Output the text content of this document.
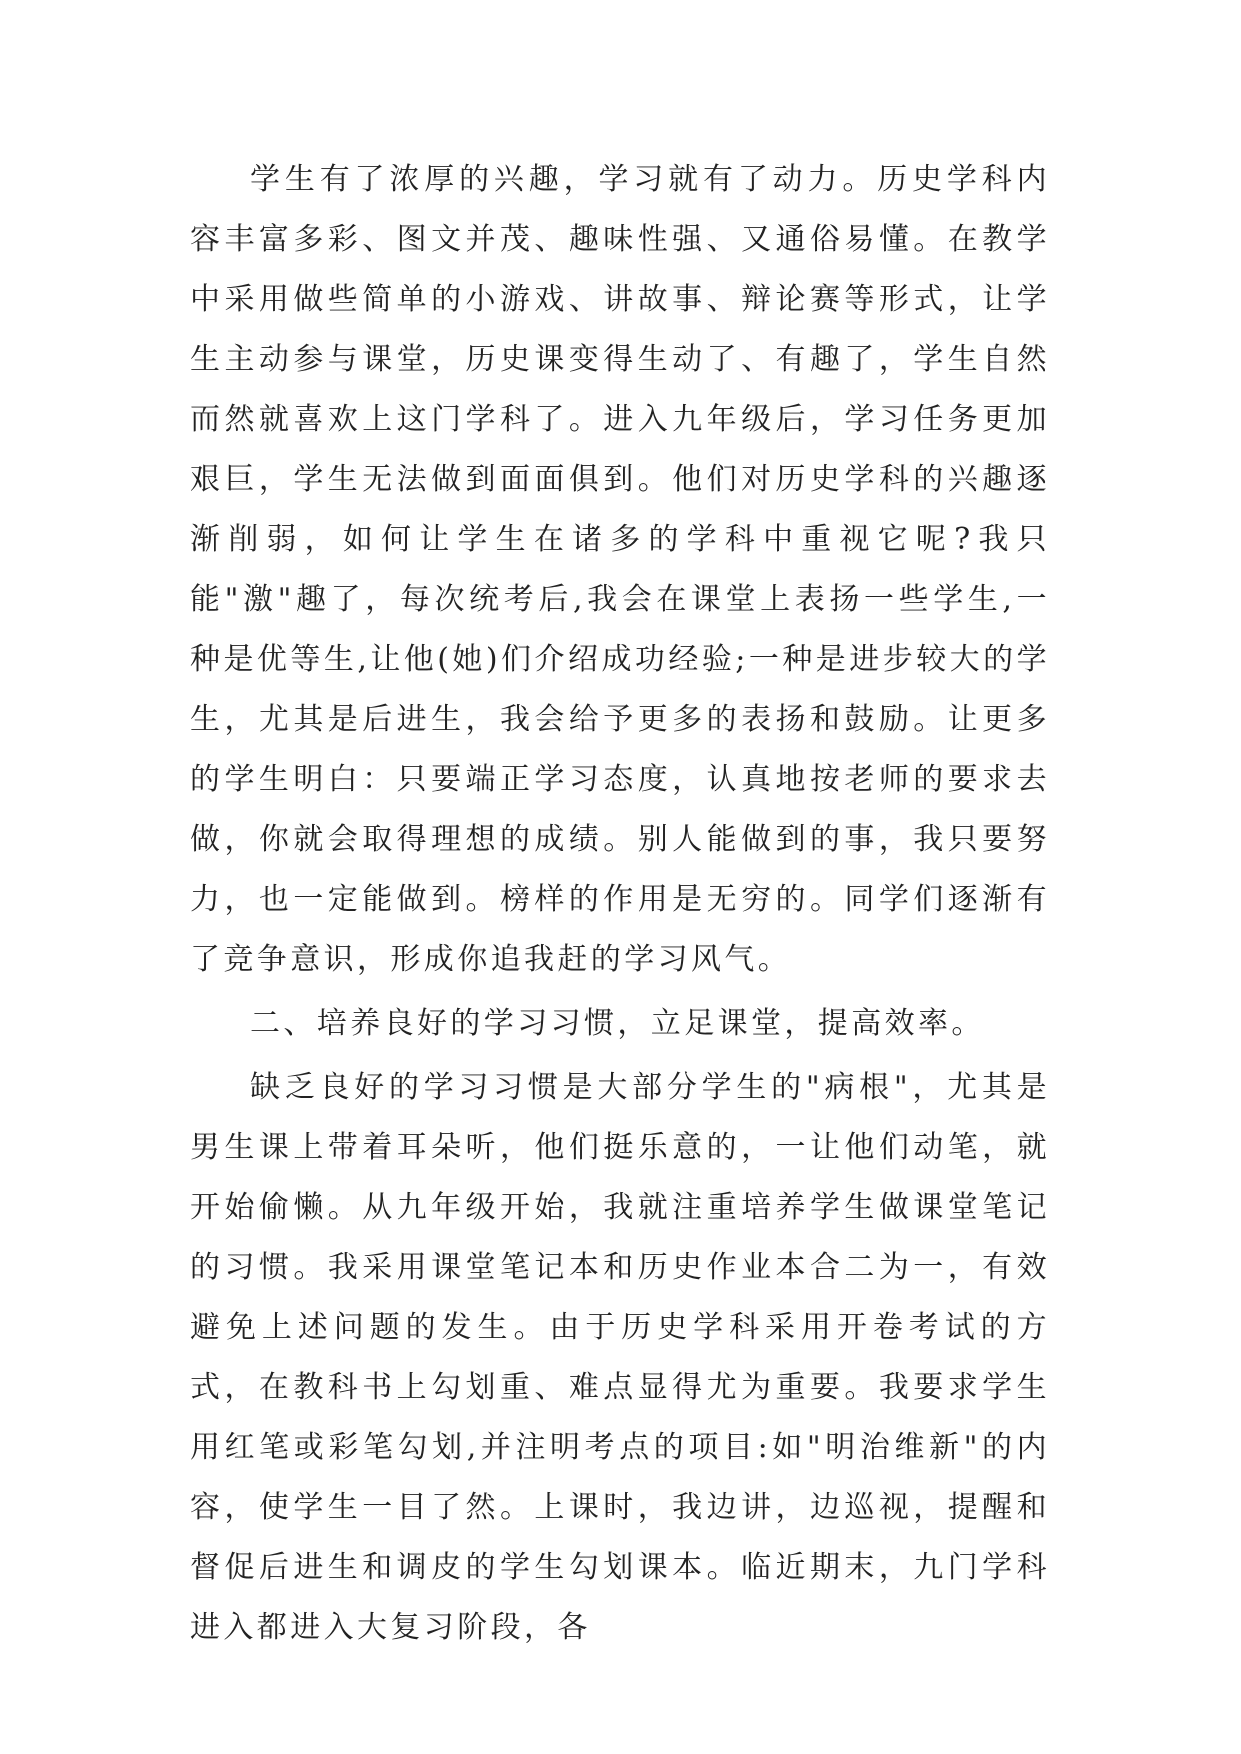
学生有了浓厚的兴趣，学习就有了动力。历史学科内容丰富多彩、图文并茂、趣味性强、又通俗易懂。在教学中采用做些简单的小游戏、讲故事、辩论赛等形式，让学生主动参与课堂，历史课变得生动了、有趣了，学生自然而然就喜欢上这门学科了。进入九年级后，学习任务更加艰巨，学生无法做到面面俱到。他们对历史学科的兴趣逐渐削弱，如何让学生在诸多的学科中重视它呢?我只能"激"趣了，每次统考后,我会在课堂上表扬一些学生,一种是优等生,让他(她)们介绍成功经验;一种是进步较大的学生，尤其是后进生，我会给予更多的表扬和鼓励。让更多的学生明白：只要端正学习态度，认真地按老师的要求去做，你就会取得理想的成绩。别人能做到的事，我只要努力，也一定能做到。榜样的作用是无穷的。同学们逐渐有了竞争意识，形成你追我赶的学习风气。

二、培养良好的学习习惯，立足课堂，提高效率。

缺乏良好的学习习惯是大部分学生的"病根"，尤其是男生课上带着耳朵听，他们挺乐意的，一让他们动笔，就开始偷懒。从九年级开始，我就注重培养学生做课堂笔记的习惯。我采用课堂笔记本和历史作业本合二为一，有效避免上述问题的发生。由于历史学科采用开卷考试的方式，在教科书上勾划重、难点显得尤为重要。我要求学生用红笔或彩笔勾划,并注明考点的项目:如"明治维新"的内容，使学生一目了然。上课时，我边讲，边巡视，提醒和督促后进生和调皮的学生勾划课本。临近期末，九门学科进入都进入大复习阶段，各
